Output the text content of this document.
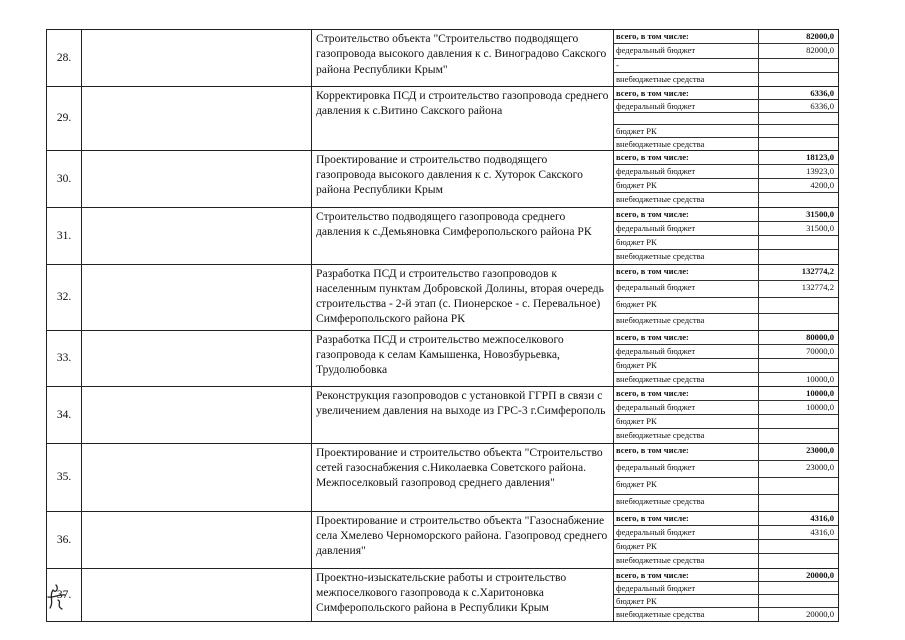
28.		Строительство объекта "Строительство подводящего газопровода высокого давления к с. Виноградово Сакского района Республики Крым"	
всего, в том числе:	82000,0
федеральный бюджет	82000,0
-	
внебюджетные средства	

29.		Корректировка ПСД и строительство газопровода среднего давления к с.Витино Сакского района	
всего, в том числе:	6336,0
федеральный бюджет	6336,0

бюджет РК	
внебюджетные средства	

30.		Проектирование и строительство подводящего газопровода высокого давления к с. Хуторок Сакского района Республики Крым	
всего, в том числе:	18123,0
федеральный бюджет	13923,0
бюджет РК	4200,0
внебюджетные средства	

31.		Строительство подводящего газопровода среднего давления к с.Демьяновка Симферопольского района РК	
всего, в том числе:	31500,0
федеральный бюджет	31500,0
бюджет РК	
внебюджетные средства	

32.		Разработка ПСД и строительство газопроводов к населенным пунктам Добровской Долины, вторая очередь строительства - 2-й этап (с. Пионерское - с. Перевальное) Симферопольского района РК	
всего, в том числе:	132774,2
федеральный бюджет	132774,2
бюджет РК	
внебюджетные средства	

33.		Разработка ПСД и строительство межпоселкового газопровода к селам Камышенка, Новозбурьевка, Трудолюбовка	
всего, в том числе:	80000,0
федеральный бюджет	70000,0
бюджет РК	
внебюджетные средства	10000,0

34.		Реконструкция газопроводов с установкой ГГРП в связи с увеличением давления на выходе из ГРС-3 г.Симферополь	
всего, в том числе:	10000,0
федеральный бюджет	10000,0
бюджет РК	
внебюджетные средства	

35.		Проектирование и строительство объекта "Строительство сетей газоснабжения с.Николаевка Советского района. Межпоселковый газопровод среднего давления"	
всего, в том числе:	23000,0
федеральный бюджет	23000,0
бюджет РК	
внебюджетные средства	

36.		Проектирование и строительство объекта "Газоснабжение села Хмелево Черноморского района. Газопровод среднего давления"	
всего, в том числе:	4316,0
федеральный бюджет	4316,0
бюджет РК	
внебюджетные средства	

37.		Проектно-изыскательские работы и строительство межпоселкового газопровода к с.Харитоновка Симферопольского района в Республики Крым	
всего, в том числе:	20000,0
федеральный бюджет	
бюджет РК	
внебюджетные средства	20000,0
